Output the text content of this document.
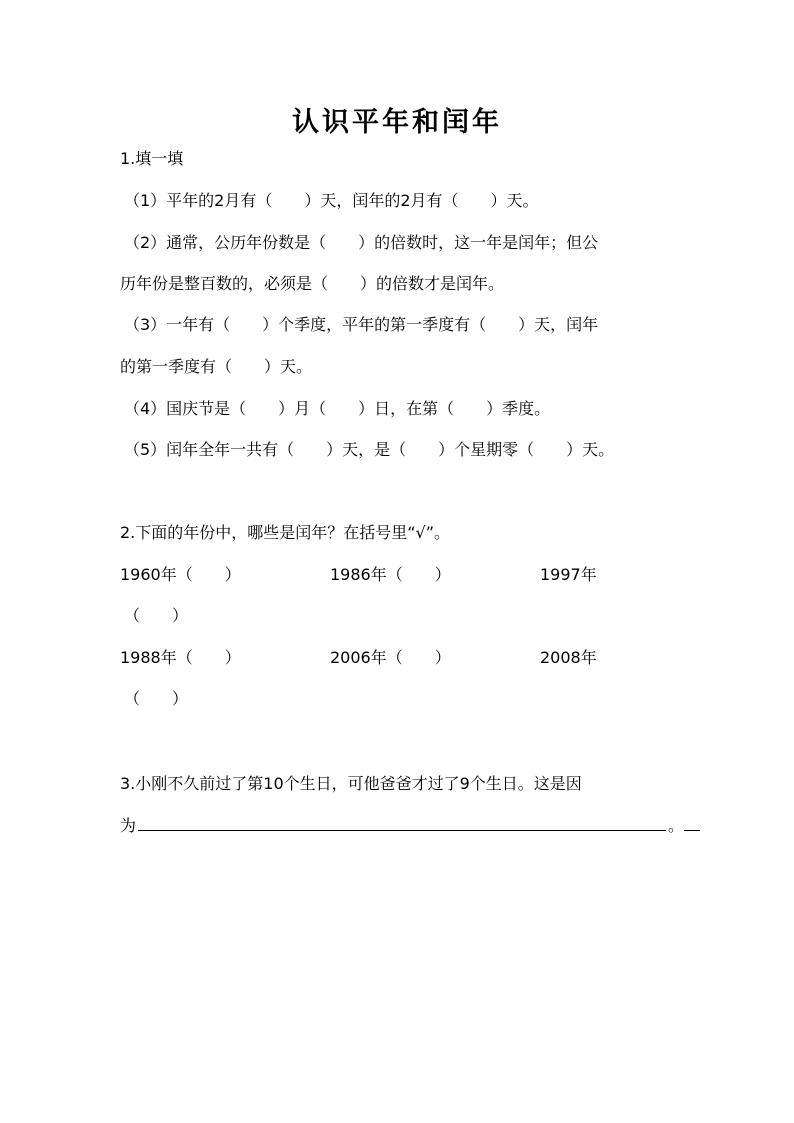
认识平年和闰年
1.填一填
（1）平年的2月有（　　）天，闰年的2月有（　　）天。
（2）通常，公历年份数是（　　）的倍数时，这一年是闰年；但公
历年份是整百数的，必须是（　　）的倍数才是闰年。
（3）一年有（　　）个季度，平年的第一季度有（　　）天，闰年
的第一季度有（　　）天。
（4）国庆节是（　　）月（　　）日，在第（　　）季度。
（5）闰年全年一共有（　　）天，是（　　）个星期零（　　）天。
2.下面的年份中，哪些是闰年？在括号里“√”。
1960年（　　）	1986年（　　）	1997年
（　　）
1988年（　　）	2006年（　　）	2008年
（　　）
3.小刚不久前过了第10个生日，可他爸爸才过了9个生日。这是因
为	。
